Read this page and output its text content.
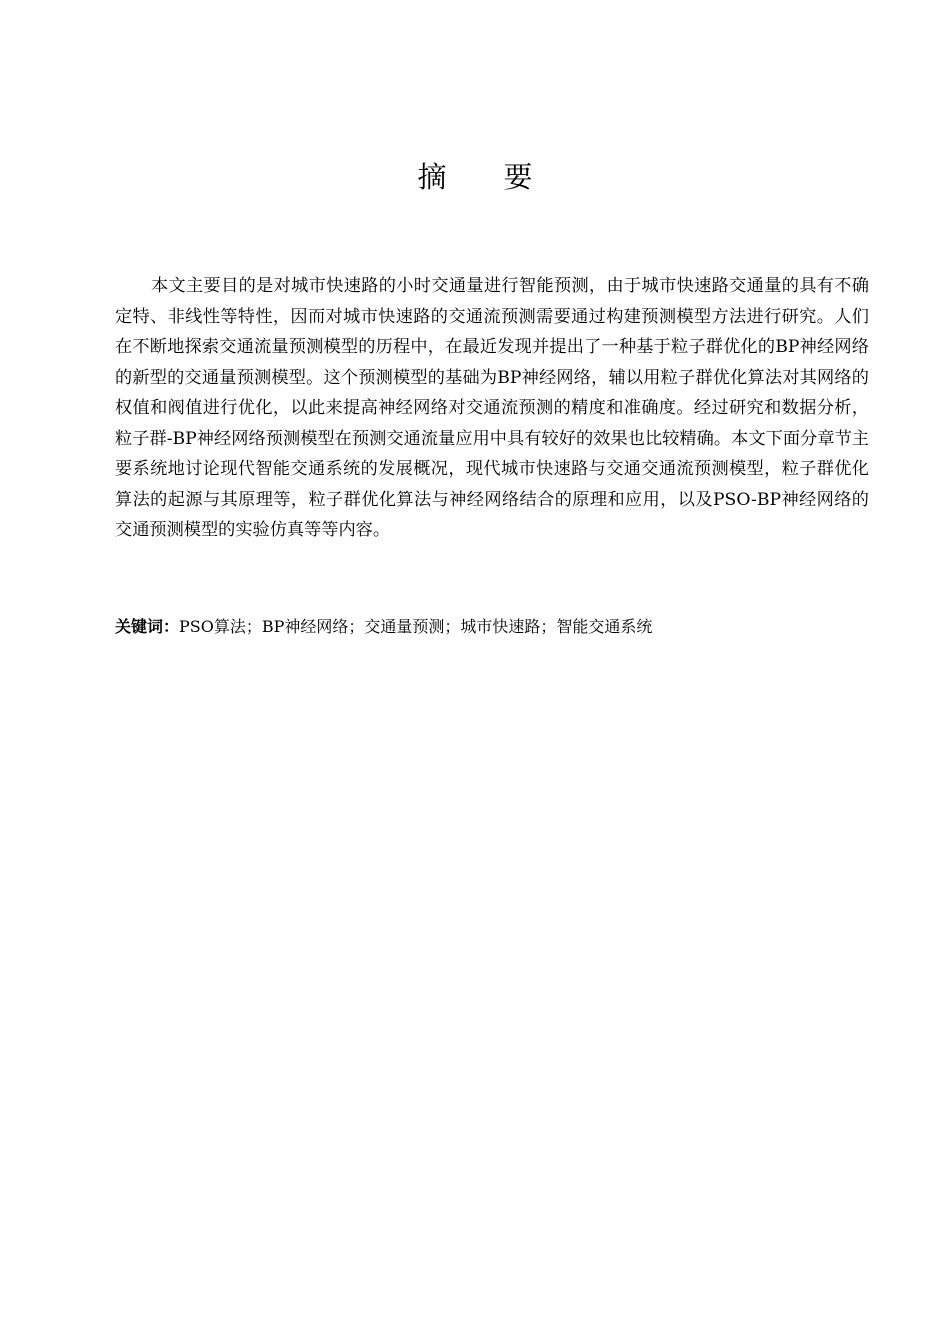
摘 要

本文主要目的是对城市快速路的小时交通量进行智能预测，由于城市快速路交通量的具有不确定特、非线性等特性，因而对城市快速路的交通流预测需要通过构建预测模型方法进行研究。人们在不断地探索交通流量预测模型的历程中，在最近发现并提出了一种基于粒子群优化的BP神经网络的新型的交通量预测模型。这个预测模型的基础为BP神经网络，辅以用粒子群优化算法对其网络的权值和阀值进行优化，以此来提高神经网络对交通流预测的精度和准确度。经过研究和数据分析，粒子群-BP神经网络预测模型在预测交通流量应用中具有较好的效果也比较精确。本文下面分章节主要系统地讨论现代智能交通系统的发展概况，现代城市快速路与交通交通流预测模型，粒子群优化算法的起源与其原理等，粒子群优化算法与神经网络结合的原理和应用，以及PSO-BP神经网络的交通预测模型的实验仿真等等内容。

关键词：PSO算法；BP神经网络；交通量预测；城市快速路；智能交通系统
